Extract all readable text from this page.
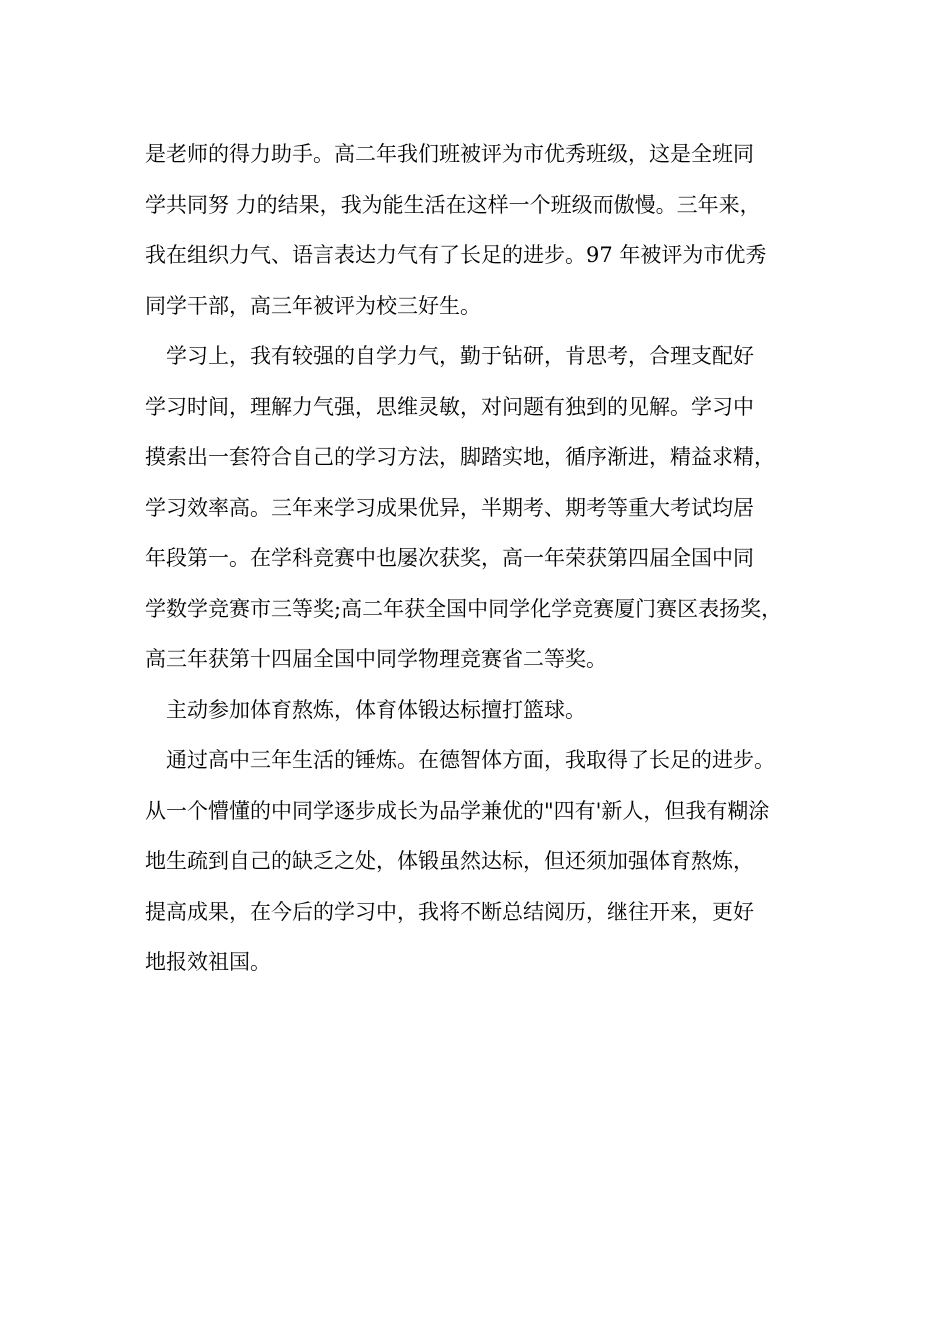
是老师的得力助手。高二年我们班被评为市优秀班级，这是全班同
学共同努 力的结果，我为能生活在这样一个班级而傲慢。三年来，
我在组织力气、语言表达力气有了长足的进步。97 年被评为市优秀
同学干部，高三年被评为校三好生。
学习上，我有较强的自学力气，勤于钻研，肯思考，合理支配好
学习时间，理解力气强，思维灵敏，对问题有独到的见解。学习中
摸索出一套符合自己的学习方法，脚踏实地，循序渐进，精益求精，
学习效率高。三年来学习成果优异，半期考、期考等重大考试均居
年段第一。在学科竞赛中也屡次获奖，高一年荣获第四届全国中同
学数学竞赛市三等奖;高二年获全国中同学化学竞赛厦门赛区表扬奖，
高三年获第十四届全国中同学物理竞赛省二等奖。
主动参加体育熬炼，体育体锻达标擅打篮球。
通过高中三年生活的锤炼。在德智体方面，我取得了长足的进步。
从一个懵懂的中同学逐步成长为品学兼优的"四有'新人，但我有糊涂
地生疏到自己的缺乏之处，体锻虽然达标，但还须加强体育熬炼，
提高成果，在今后的学习中，我将不断总结阅历，继往开来，更好
地报效祖国。
